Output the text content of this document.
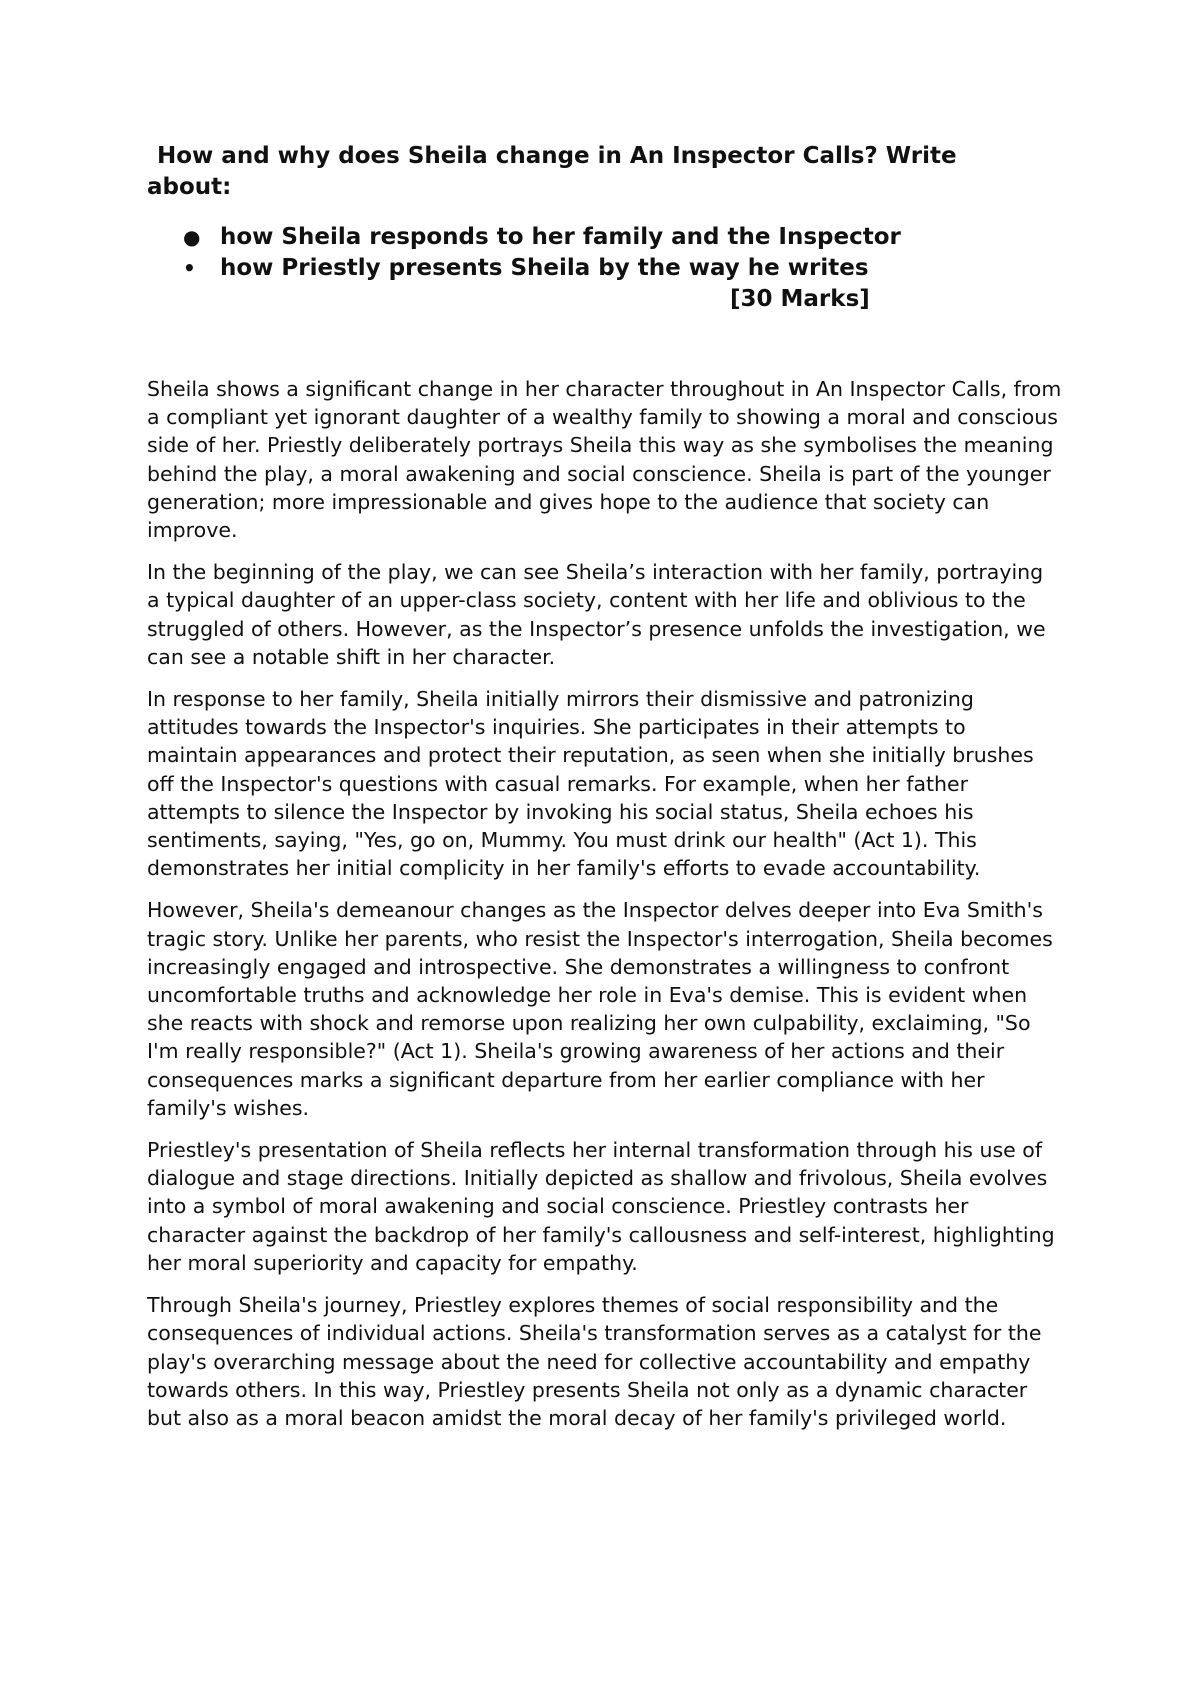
How and why does Sheila change in An Inspector Calls? Write about:

● how Sheila responds to her family and the Inspector
• how Priestly presents Sheila by the way he writes
[30 Marks]

Sheila shows a significant change in her character throughout in An Inspector Calls, from a compliant yet ignorant daughter of a wealthy family to showing a moral and conscious side of her. Priestly deliberately portrays Sheila this way as she symbolises the meaning behind the play, a moral awakening and social conscience. Sheila is part of the younger generation; more impressionable and gives hope to the audience that society can improve.

In the beginning of the play, we can see Sheila’s interaction with her family, portraying a typical daughter of an upper-class society, content with her life and oblivious to the struggled of others. However, as the Inspector’s presence unfolds the investigation, we can see a notable shift in her character.

In response to her family, Sheila initially mirrors their dismissive and patronizing attitudes towards the Inspector's inquiries. She participates in their attempts to maintain appearances and protect their reputation, as seen when she initially brushes off the Inspector's questions with casual remarks. For example, when her father attempts to silence the Inspector by invoking his social status, Sheila echoes his sentiments, saying, "Yes, go on, Mummy. You must drink our health" (Act 1). This demonstrates her initial complicity in her family's efforts to evade accountability.

However, Sheila's demeanour changes as the Inspector delves deeper into Eva Smith's tragic story. Unlike her parents, who resist the Inspector's interrogation, Sheila becomes increasingly engaged and introspective. She demonstrates a willingness to confront uncomfortable truths and acknowledge her role in Eva's demise. This is evident when she reacts with shock and remorse upon realizing her own culpability, exclaiming, "So I'm really responsible?" (Act 1). Sheila's growing awareness of her actions and their consequences marks a significant departure from her earlier compliance with her family's wishes.

Priestley's presentation of Sheila reflects her internal transformation through his use of dialogue and stage directions. Initially depicted as shallow and frivolous, Sheila evolves into a symbol of moral awakening and social conscience. Priestley contrasts her character against the backdrop of her family's callousness and self-interest, highlighting her moral superiority and capacity for empathy.

Through Sheila's journey, Priestley explores themes of social responsibility and the consequences of individual actions. Sheila's transformation serves as a catalyst for the play's overarching message about the need for collective accountability and empathy towards others. In this way, Priestley presents Sheila not only as a dynamic character but also as a moral beacon amidst the moral decay of her family's privileged world.
